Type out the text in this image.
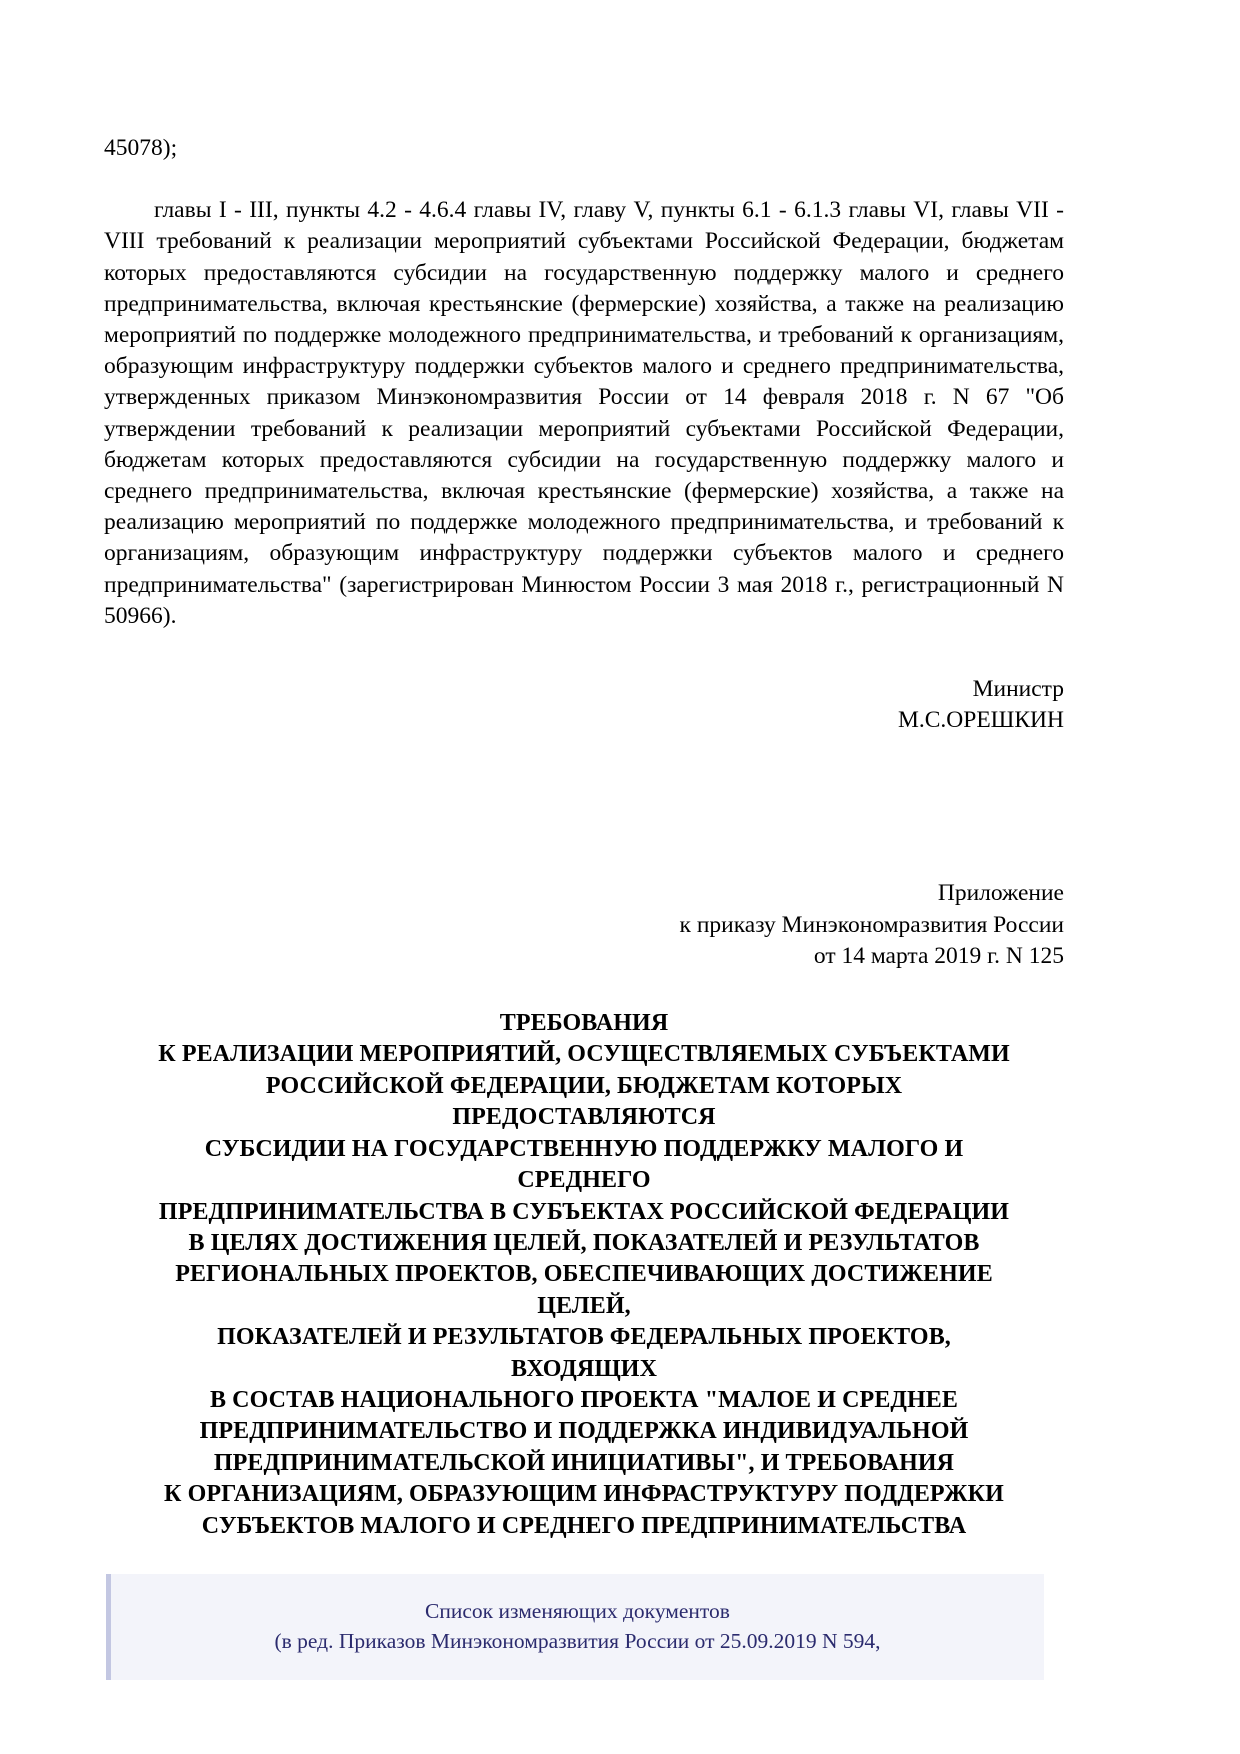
45078);

главы I - III, пункты 4.2 - 4.6.4 главы IV, главу V, пункты 6.1 - 6.1.3 главы VI, главы VII - VIII требований к реализации мероприятий субъектами Российской Федерации, бюджетам которых предоставляются субсидии на государственную поддержку малого и среднего предпринимательства, включая крестьянские (фермерские) хозяйства, а также на реализацию мероприятий по поддержке молодежного предпринимательства, и требований к организациям, образующим инфраструктуру поддержки субъектов малого и среднего предпринимательства, утвержденных приказом Минэкономразвития России от 14 февраля 2018 г. N 67 "Об утверждении требований к реализации мероприятий субъектами Российской Федерации, бюджетам которых предоставляются субсидии на государственную поддержку малого и среднего предпринимательства, включая крестьянские (фермерские) хозяйства, а также на реализацию мероприятий по поддержке молодежного предпринимательства, и требований к организациям, образующим инфраструктуру поддержки субъектов малого и среднего предпринимательства" (зарегистрирован Минюстом России 3 мая 2018 г., регистрационный N 50966).

Министр
М.С.ОРЕШКИН
Приложение
к приказу Минэкономразвития России
от 14 марта 2019 г. N 125
ТРЕБОВАНИЯ
К РЕАЛИЗАЦИИ МЕРОПРИЯТИЙ, ОСУЩЕСТВЛЯЕМЫХ СУБЪЕКТАМИ
РОССИЙСКОЙ ФЕДЕРАЦИИ, БЮДЖЕТАМ КОТОРЫХ
ПРЕДОСТАВЛЯЮТСЯ
СУБСИДИИ НА ГОСУДАРСТВЕННУЮ ПОДДЕРЖКУ МАЛОГО И
СРЕДНЕГО
ПРЕДПРИНИМАТЕЛЬСТВА В СУБЪЕКТАХ РОССИЙСКОЙ ФЕДЕРАЦИИ
В ЦЕЛЯХ ДОСТИЖЕНИЯ ЦЕЛЕЙ, ПОКАЗАТЕЛЕЙ И РЕЗУЛЬТАТОВ
РЕГИОНАЛЬНЫХ ПРОЕКТОВ, ОБЕСПЕЧИВАЮЩИХ ДОСТИЖЕНИЕ
ЦЕЛЕЙ,
ПОКАЗАТЕЛЕЙ И РЕЗУЛЬТАТОВ ФЕДЕРАЛЬНЫХ ПРОЕКТОВ,
ВХОДЯЩИХ
В СОСТАВ НАЦИОНАЛЬНОГО ПРОЕКТА "МАЛОЕ И СРЕДНЕЕ
ПРЕДПРИНИМАТЕЛЬСТВО И ПОДДЕРЖКА ИНДИВИДУАЛЬНОЙ
ПРЕДПРИНИМАТЕЛЬСКОЙ ИНИЦИАТИВЫ", И ТРЕБОВАНИЯ
К ОРГАНИЗАЦИЯМ, ОБРАЗУЮЩИМ ИНФРАСТРУКТУРУ ПОДДЕРЖКИ
СУБЪЕКТОВ МАЛОГО И СРЕДНЕГО ПРЕДПРИНИМАТЕЛЬСТВА
Список изменяющих документов
(в ред. Приказов Минэкономразвития России от 25.09.2019 N 594,
